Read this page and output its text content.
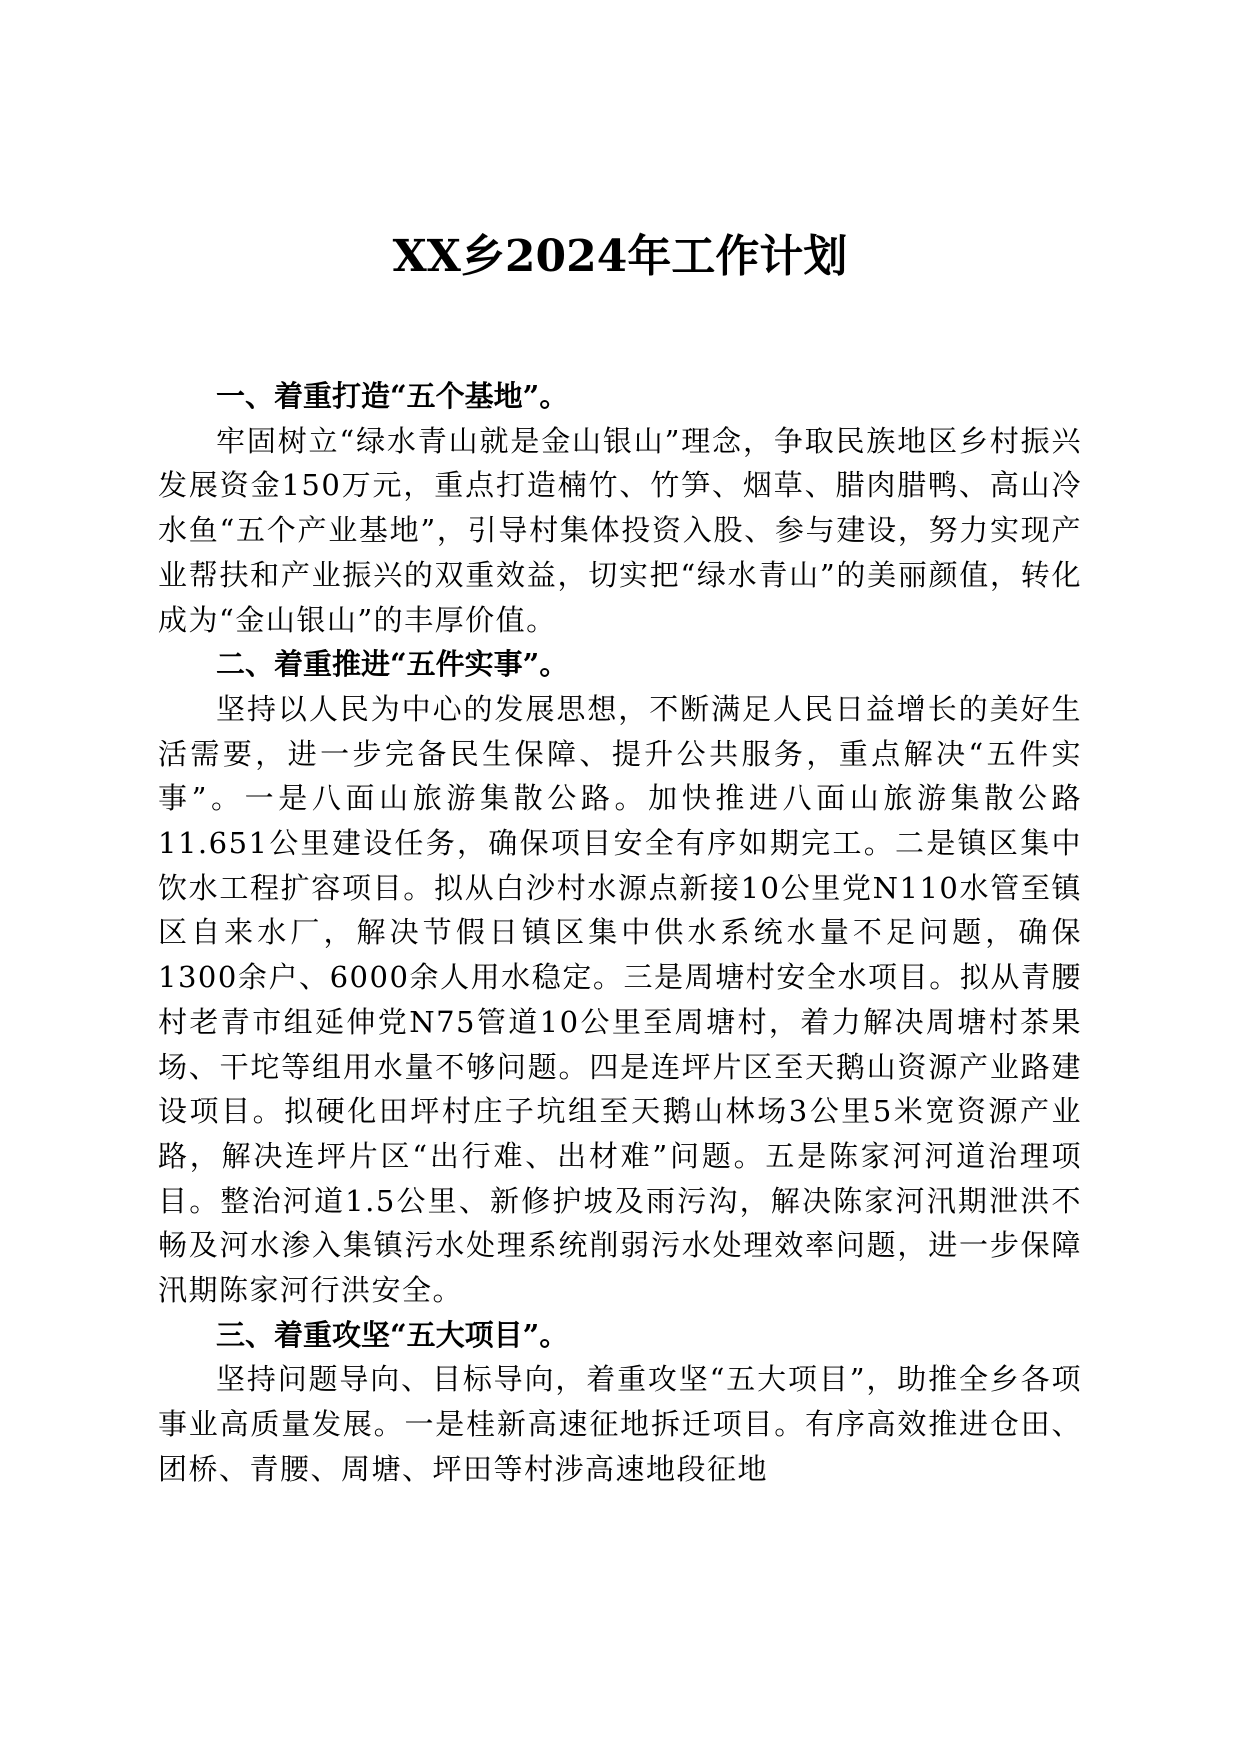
XX乡2024年工作计划

一、着重打造“五个基地”。

牢固树立“绿水青山就是金山银山”理念，争取民族地区乡村振兴发展资金150万元，重点打造楠竹、竹笋、烟草、腊肉腊鸭、高山冷水鱼“五个产业基地”，引导村集体投资入股、参与建设，努力实现产业帮扶和产业振兴的双重效益，切实把“绿水青山”的美丽颜值，转化成为“金山银山”的丰厚价值。

二、着重推进“五件实事”。

坚持以人民为中心的发展思想，不断满足人民日益增长的美好生活需要，进一步完备民生保障、提升公共服务，重点解决“五件实事”。一是八面山旅游集散公路。加快推进八面山旅游集散公路11.651公里建设任务，确保项目安全有序如期完工。二是镇区集中饮水工程扩容项目。拟从白沙村水源点新接10公里党N110水管至镇区自来水厂，解决节假日镇区集中供水系统水量不足问题，确保1300余户、6000余人用水稳定。三是周塘村安全水项目。拟从青腰村老青市组延伸党N75管道10公里至周塘村，着力解决周塘村茶果场、干坨等组用水量不够问题。四是连坪片区至天鹅山资源产业路建设项目。拟硬化田坪村庄子坑组至天鹅山林场3公里5米宽资源产业路，解决连坪片区“出行难、出材难”问题。五是陈家河河道治理项目。整治河道1.5公里、新修护坡及雨污沟，解决陈家河汛期泄洪不畅及河水渗入集镇污水处理系统削弱污水处理效率问题，进一步保障汛期陈家河行洪安全。

三、着重攻坚“五大项目”。

坚持问题导向、目标导向，着重攻坚“五大项目”，助推全乡各项事业高质量发展。一是桂新高速征地拆迁项目。有序高效推进仓田、团桥、青腰、周塘、坪田等村涉高速地段征地
